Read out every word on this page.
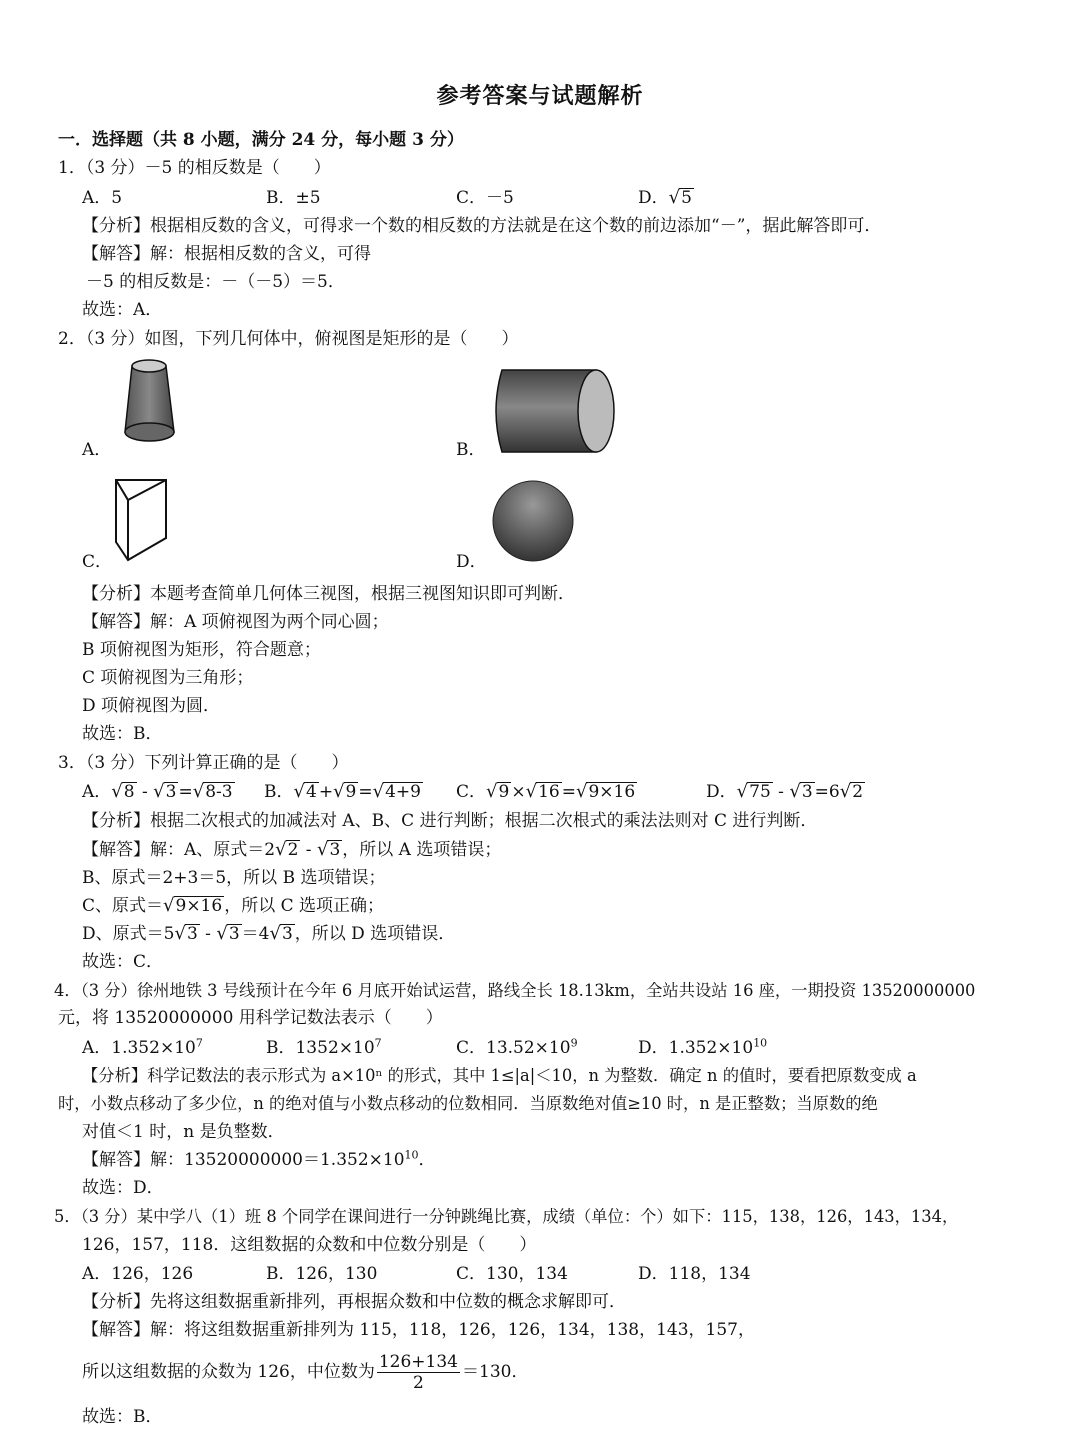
参考答案与试题解析
一．选择题（共 8 小题，满分 24 分，每小题 3 分）
1．（3 分）－5 的相反数是（　　）
A．5	B．±5	C．－5	D．√5
【分析】根据相反数的含义，可得求一个数的相反数的方法就是在这个数的前边添加“－”，据此解答即可．
【解答】解：根据相反数的含义，可得
－5 的相反数是：－（－5）＝5．
故选：A．
2．（3 分）如图，下列几何体中，俯视图是矩形的是（　　）
A．	B．
C．	D．
【分析】本题考查简单几何体三视图，根据三视图知识即可判断．
【解答】解：A 项俯视图为两个同心圆；
B 项俯视图为矩形，符合题意；
C 项俯视图为三角形；
D 项俯视图为圆．
故选：B．
3．（3 分）下列计算正确的是（　　）
A．√8 - √3 =√8-3 B．√4 +√9 =√4+9 C．√9 ×√16 =√9×16	D．√75 - √3 =6√2
【分析】根据二次根式的加减法对 A、B、C 进行判断；根据二次根式的乘法法则对 C 进行判断．
【解答】解：A、原式＝2√2 - √3 ，所以 A 选项错误；
B、原式＝2+3＝5，所以 B 选项错误；
C、原式＝√9×16 ，所以 C 选项正确；
D、原式＝5√3 - √3 ＝4√3 ，所以 D 选项错误．
故选：C．
4．（3 分）徐州地铁 3 号线预计在今年 6 月底开始试运营，路线全长 18.13km，全站共设站 16 座，一期投资 13520000000
元，将 13520000000 用科学记数法表示（　　）
A．$1.352\times 10^7$	B．$1352\times 10^7$	C．$13.52\times 10^9$	D．$1.352\times 10^{10}$
【分析】科学记数法的表示形式为 a×10ⁿ 的形式，其中 1≤|a|＜10，n 为整数．确定 n 的值时，要看把原数变成 a
时，小数点移动了多少位，n 的绝对值与小数点移动的位数相同．当原数绝对值≥10 时，n 是正整数；当原数的绝
对值＜1 时，n 是负整数．
【解答】解：$13520000000=1.352\times 10^{10}$．
故选：D．
5．（3 分）某中学八（1）班 8 个同学在课间进行一分钟跳绳比赛，成绩（单位：个）如下：115，138，126，143，134，
126，157，118．这组数据的众数和中位数分别是（　　）
A．126，126	B．126，130	C．130，134	D．118，134
【分析】先将这组数据重新排列，再根据众数和中位数的概念求解即可．
【解答】解：将这组数据重新排列为 115，118，126，126，134，138，143，157，
所以这组数据的众数为 126，中位数为 $\frac{126+134}{2} =130$．
故选：B．
